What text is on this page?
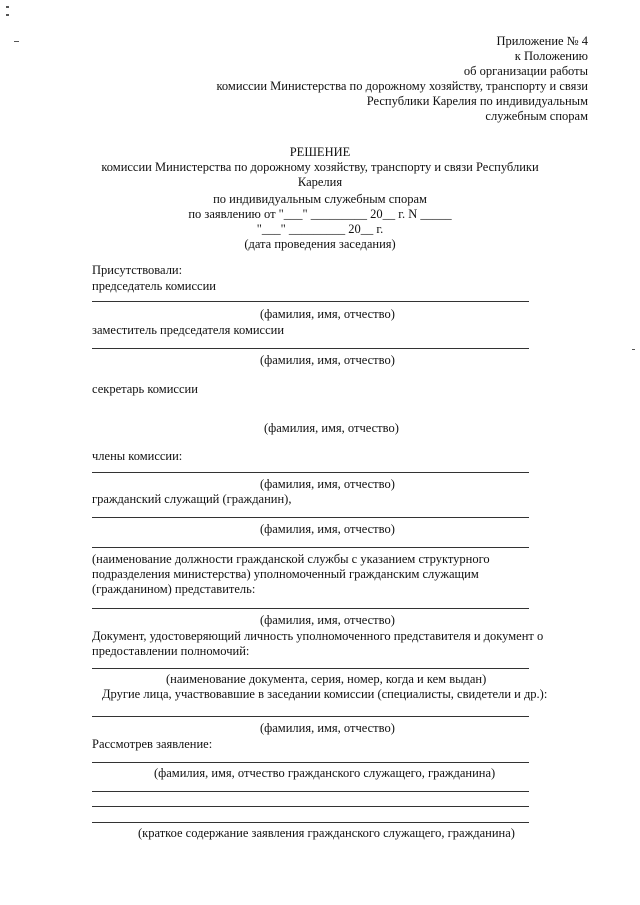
Приложение № 4
к Положению
об организации работы
комиссии Министерства по дорожному хозяйству, транспорту и связи
Республики Карелия по индивидуальным
служебным спорам
РЕШЕНИЕ
комиссии Министерства по дорожному хозяйству, транспорту и связи Республики
Карелия
по индивидуальным служебным спорам
по заявлению от "___" _________ 20__ г. N _____
"___" _________ 20__ г.
(дата проведения заседания)
Присутствовали:
председатель комиссии
(фамилия, имя, отчество)
заместитель председателя комиссии
(фамилия, имя, отчество)
секретарь комиссии
(фамилия, имя, отчество)
члены комиссии:
(фамилия, имя, отчество)
гражданский служащий (гражданин),
(фамилия, имя, отчество)
(наименование должности гражданской службы с указанием структурного
подразделения министерства) уполномоченный гражданским служащим
(гражданином) представитель:
(фамилия, имя, отчество)
Документ, удостоверяющий личность уполномоченного представителя и документ о
предоставлении полномочий:
(наименование документа, серия, номер, когда и кем выдан)
Другие лица, участвовавшие в заседании комиссии (специалисты, свидетели и др.):
(фамилия, имя, отчество)
Рассмотрев заявление:
(фамилия, имя, отчество гражданского служащего, гражданина)
(краткое содержание заявления гражданского служащего, гражданина)
